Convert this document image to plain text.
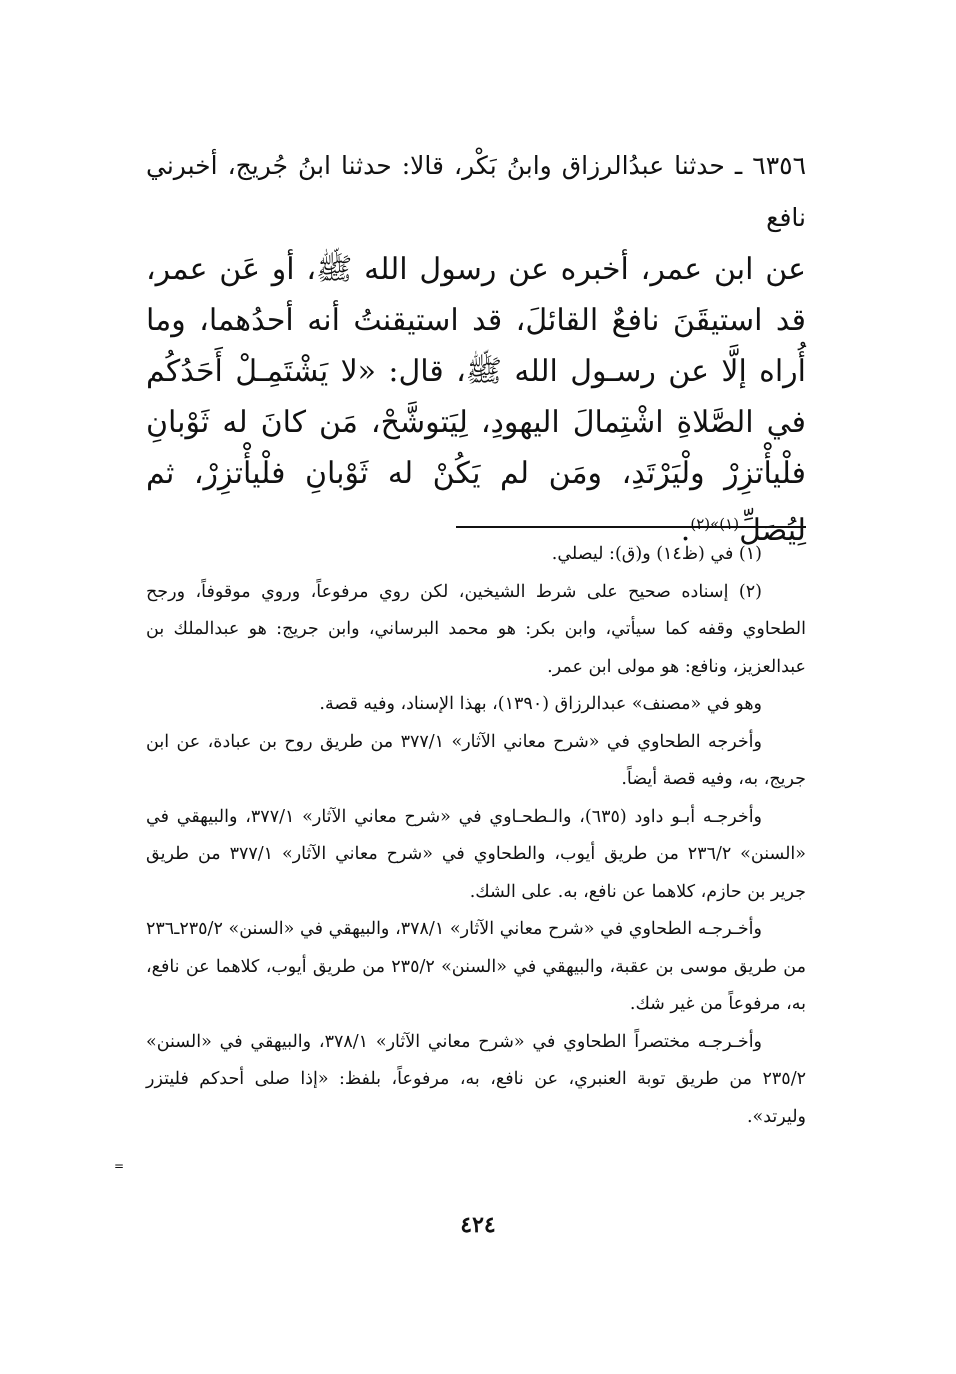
٦٣٥٦ ـ حدثنا عبدُالرزاق وابنُ بَكْر، قالا: حدثنا ابنُ جُريج، أخبرني نافع

عن ابن عمر، أخبره عن رسول الله ﷺ، أو عَن عمر، قد استيقَنَ نافعٌ القائلَ، قد استيقنتُ أنه أحدُهما، وما أُراه إلَّا عن رسـول الله ﷺ، قال: «لا يَشْتَمِـلْ أَحَدُكُم في الصَّلاةِ اشْتِمالَ اليهودِ، لِيَتوشَّحْ، مَن كانَ له ثَوْبانِ فلْيأْتزِرْ ولْيَرْتَدِ، ومَن لم يَكُنْ له ثَوْبانِ فلْيأْتزِرْ، ثم لِيُصَلِّ$^{(١)»(٢)}$.

(١) في (ظ١٤) و(ق): ليصلي.

(٢) إسناده صحيح على شرط الشيخين، لكن روي مرفوعاً، وروي موقوفاً، ورجح الطحاوي وقفه كما سيأتي، وابن بكر: هو محمد البرساني، وابن جريج: هو عبدالملك بن عبدالعزيز، ونافع: هو مولى ابن عمر.

وهو في «مصنف» عبدالرزاق (١٣٩٠)، بهذا الإسناد، وفيه قصة.

وأخرجه الطحاوي في «شرح معاني الآثار» ٣٧٧/١ من طريق روح بن عبادة، عن ابن جريج، به، وفيه قصة أيضاً.

وأخرجـه أبـو داود (٦٣٥)، والـطحـاوي في «شرح معاني الآثار» ٣٧٧/١، والبيهقي في «السنن» ٢٣٦/٢ من طريق أيوب، والطحاوي في «شرح معاني الآثار» ٣٧٧/١ من طريق جرير بن حازم، كلاهما عن نافع، به. على الشك.

وأخـرجـه الطحاوي في «شرح معاني الآثار» ٣٧٨/١، والبيهقي في «السنن» ٢٣٥/٢ـ٢٣٦ من طريق موسى بن عقبة، والبيهقي في «السنن» ٢٣٥/٢ من طريق أيوب، كلاهما عن نافع، به، مرفوعاً من غير شك.

وأخـرجـه مختصراً الطحاوي في «شرح معاني الآثار» ٣٧٨/١، والبيهقي في «السنن» ٢٣٥/٢ من طريق توبة العنبري، عن نافع، به، مرفوعاً، بلفظ: «إذا صلى أحدكم فليتزر وليرتد».

=
٤٢٤
